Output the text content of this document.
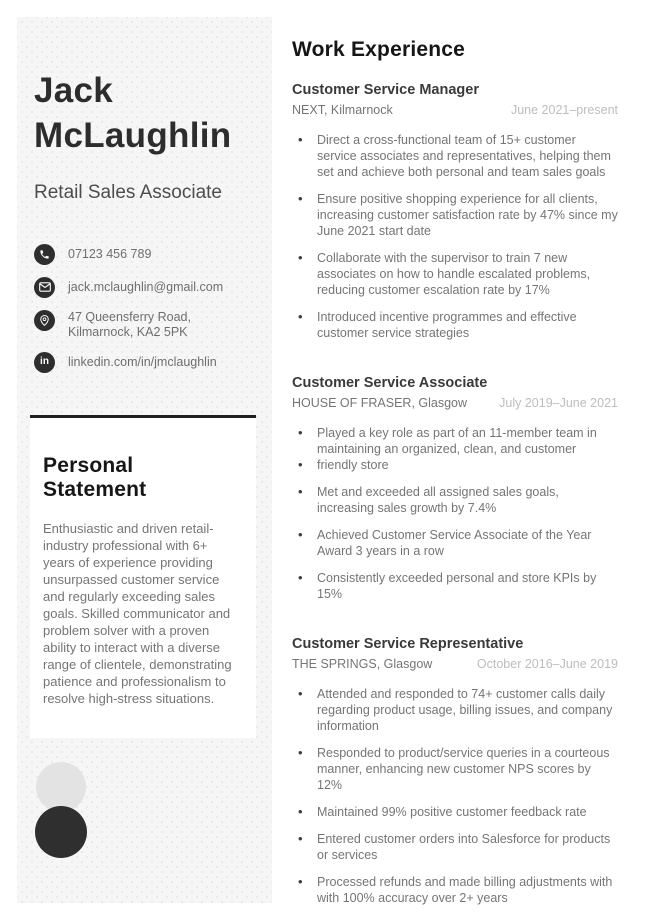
Jack
McLaughlin
Retail Sales Associate
07123 456 789
jack.mclaughlin@gmail.com
47 Queensferry Road,
Kilmarnock, KA2 5PK
in linkedin.com/in/jmclaughlin
Personal Statement

Enthusiastic and driven retail-industry professional with 6+ years of experience providing unsurpassed customer service and regularly exceeding sales goals. Skilled communicator and problem solver with a proven ability to interact with a diverse range of clientele, demonstrating patience and professionalism to resolve high-stress situations.

Work Experience
Customer Service Manager
NEXT, Kilmarnock	June 2021–present
• Direct a cross-functional team of 15+ customer service associates and representatives, helping them set and achieve both personal and team sales goals
• Ensure positive shopping experience for all clients, increasing customer satisfaction rate by 47% since my June 2021 start date
• Collaborate with the supervisor to train 7 new associates on how to handle escalated problems, reducing customer escalation rate by 17%
• Introduced incentive programmes and effective customer service strategies
Customer Service Associate
HOUSE OF FRASER, Glasgow	July 2019–June 2021
• Played a key role as part of an 11-member team in maintaining an organized, clean, and customer
• friendly store
• Met and exceeded all assigned sales goals, increasing sales growth by 7.4%
• Achieved Customer Service Associate of the Year Award 3 years in a row
• Consistently exceeded personal and store KPIs by 15%
Customer Service Representative
THE SPRINGS, Glasgow	October 2016–June 2019
• Attended and responded to 74+ customer calls daily regarding product usage, billing issues, and company information
• Responded to product/service queries in a courteous manner, enhancing new customer NPS scores by 12%
• Maintained 99% positive customer feedback rate
• Entered customer orders into Salesforce for products or services
• Processed refunds and made billing adjustments with with 100% accuracy over 2+ years
